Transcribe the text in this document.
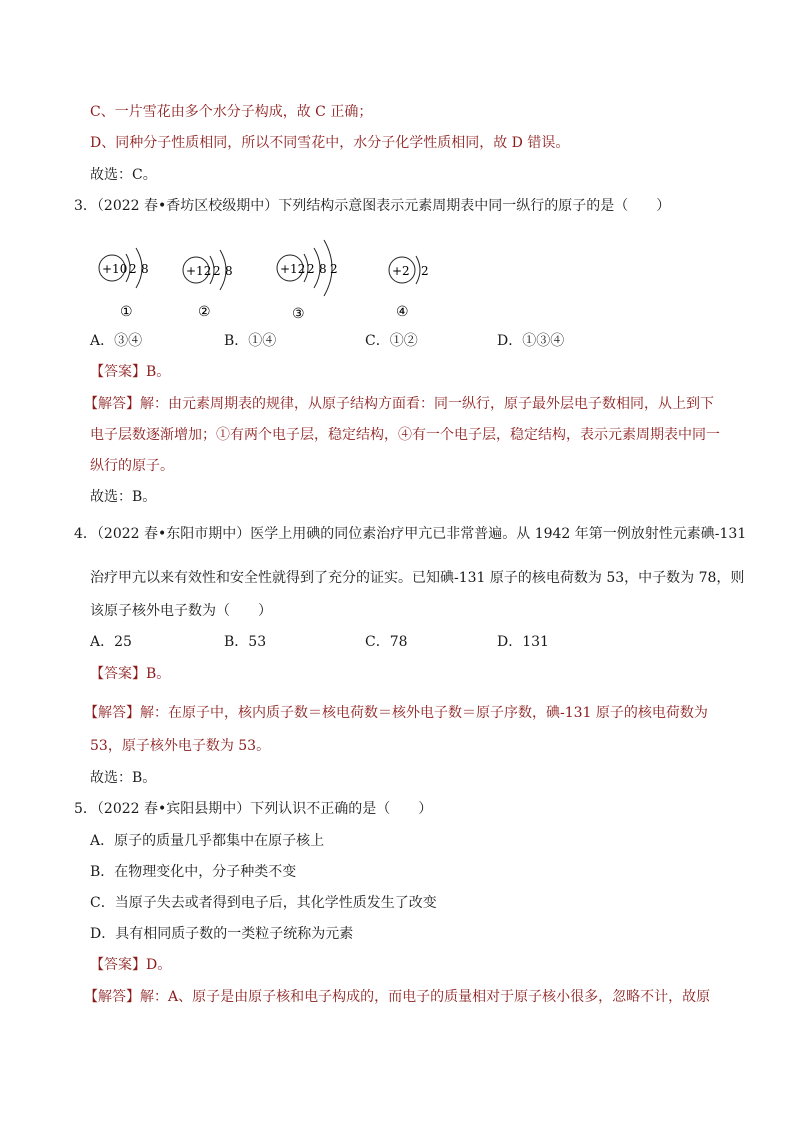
C、一片雪花由多个水分子构成，故 C 正确；
D、同种分子性质相同，所以不同雪花中，水分子化学性质相同，故 D 错误。
故选：C。
3．（2022 春•香坊区校级期中）下列结构示意图表示元素周期表中同一纵行的原子的是（　　）
+10 2 8
①
+12 2 8
②
+12 2 8 2
③
+2 2
④
A．③④	B．①④	C．①②	D．①③④
【答案】B。
【解答】解：由元素周期表的规律，从原子结构方面看：同一纵行，原子最外层电子数相同，从上到下
电子层数逐渐增加；①有两个电子层，稳定结构，④有一个电子层，稳定结构，表示元素周期表中同一
纵行的原子。
故选：B。
4．（2022 春•东阳市期中）医学上用碘的同位素治疗甲亢已非常普遍。从 1942 年第一例放射性元素碘-131
治疗甲亢以来有效性和安全性就得到了充分的证实。已知碘-131 原子的核电荷数为 53，中子数为 78，则
该原子核外电子数为（　　）
A．25	B．53	C．78	D．131
【答案】B。
【解答】解：在原子中，核内质子数＝核电荷数＝核外电子数＝原子序数，碘-131 原子的核电荷数为
53，原子核外电子数为 53。
故选：B。
5．（2022 春•宾阳县期中）下列认识不正确的是（　　）
A．原子的质量几乎都集中在原子核上
B．在物理变化中，分子种类不变
C．当原子失去或者得到电子后，其化学性质发生了改变
D．具有相同质子数的一类粒子统称为元素
【答案】D。
【解答】解：A、原子是由原子核和电子构成的，而电子的质量相对于原子核小很多，忽略不计，故原
